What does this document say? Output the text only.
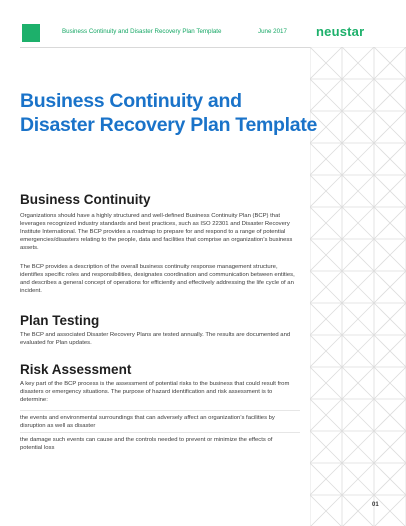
Business Continuity and Disaster Recovery Plan Template	June 2017 neustar
Business Continuity and Disaster Recovery Plan Template
Business Continuity

Organizations should have a highly structured and well-defined Business Continuity Plan (BCP) that leverages recognized industry standards and best practices, such as ISO 22301 and Disaster Recovery Institute International. The BCP provides a roadmap to prepare for and respond to a range of potential emergencies/disasters relating to the people, data and facilities that comprise an organization’s business assets.

The BCP provides a description of the overall business continuity response management structure, identifies specific roles and responsibilities, designates coordination and communication between entities, and describes a general concept of operations for efficiently and effectively addressing the life cycle of an incident.

Plan Testing

The BCP and associated Disaster Recovery Plans are tested annually. The results are documented and evaluated for Plan updates.

Risk Assessment

A key part of the BCP process is the assessment of potential risks to the business that could result from disasters or emergency situations. The purpose of hazard identification and risk assessment is to determine:

the events and environmental surroundings that can adversely affect an organization’s facilities by disruption as well as disaster

the damage such events can cause and the controls needed to prevent or minimize the effects of potential loss

01
